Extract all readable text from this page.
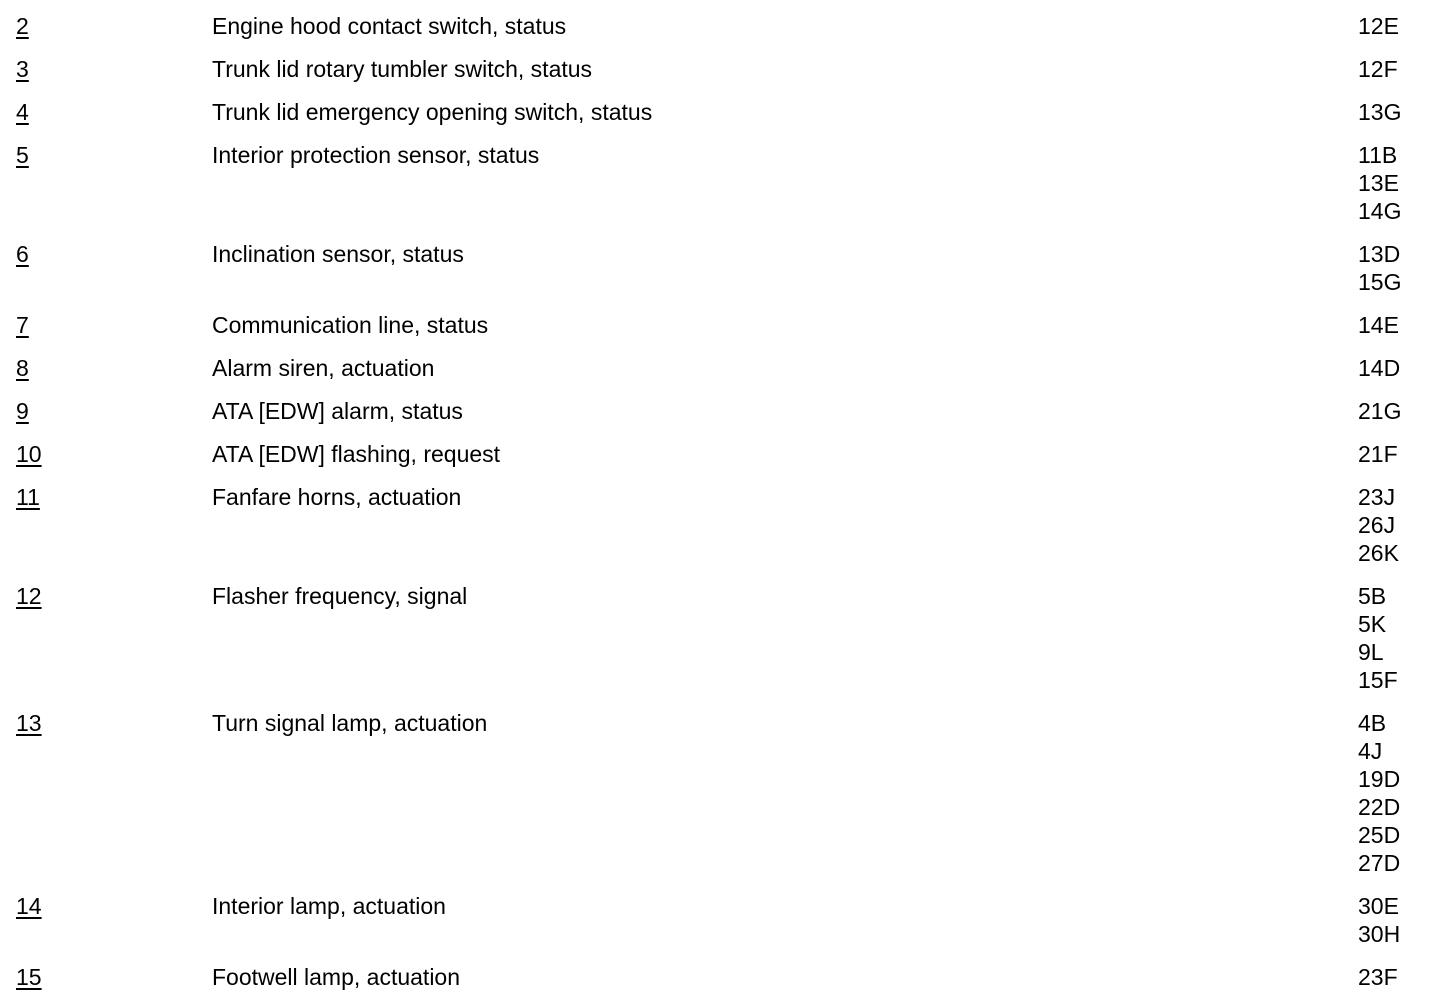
2	Engine hood contact switch, status	12E
3	Trunk lid rotary tumbler switch, status	12F
4	Trunk lid emergency opening switch, status	13G
5	Interior protection sensor, status	11B
13E
14G
6	Inclination sensor, status	13D
15G
7	Communication line, status	14E
8	Alarm siren, actuation	14D
9	ATA [EDW] alarm, status	21G
10	ATA [EDW] flashing, request	21F
11	Fanfare horns, actuation	23J
26J
26K
12	Flasher frequency, signal	5B
5K
9L
15F
13	Turn signal lamp, actuation	4B
4J
19D
22D
25D
27D
14	Interior lamp, actuation	30E
30H
15	Footwell lamp, actuation	23F
